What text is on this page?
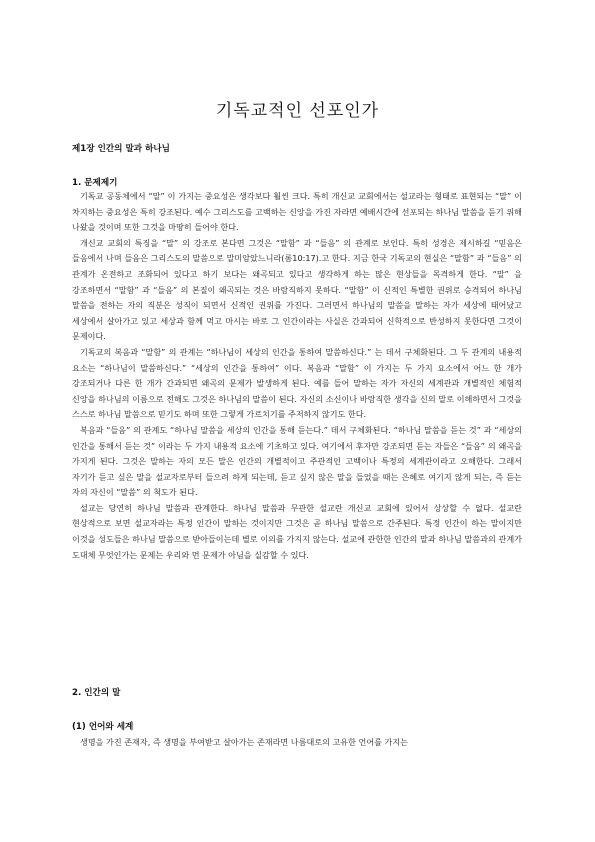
기독교적인 선포인가
제1장 인간의 말과 하나님
1. 문제제기

기독교 공동체에서 “말” 이 가지는 중요성은 생각보다 훨씬 크다. 특히 개신교 교회에서는 설교라는 형태로 표현되는 “말” 이 차지하는 중요성은 특히 강조된다. 예수 그리스도를 고백하는 신앙을 가진 자라면 예배시간에 선포되는 하나님 말씀을 듣기 위해 나왔을 것이며 또한 그것을 마땅히 들어야 한다.

개신교 교회의 특징을 “말” 의 강조로 본다면 그것은 “말함” 과 “들음” 의 관계로 보인다. 특히 성경은 제시하길 “믿음은 들음에서 나며 들음은 그리스도의 말씀으로 말미암았느니라(롬10:17).고 한다. 지금 한국 기독교의 현실은 “말함” 과 “들음” 의 관계가 온전하고 조화되어 있다고 하기 보다는 왜곡되고 있다고 생각하게 하는 많은 현상들을 목격하게 한다. “말” 을 강조하면서 “말함” 과 “들음” 의 본질이 왜곡되는 것은 바람직하지 못하다. “말함” 이 신적인 특별한 권위로 승격되어 하나님 말씀을 전하는 자의 직분은 성직이 되면서 신적인 권위를 가진다. 그러면서 하나님의 말씀을 말하는 자가 세상에 태어났고 세상에서 살아가고 있고 세상과 함께 먹고 마시는 바로 그 인간이라는 사실은 간과되어 신학적으로 반성하지 못한다면 그것이 문제이다.

기독교의 복음과 “말함” 의 관계는 “하나님이 세상의 인간을 통하여 말씀하신다.” 는 데서 구체화된다. 그 두 관계의 내용적 요소는 “하나님이 말씀하신다.” “세상의 인간을 통하여” 이다. 복음과 “말함” 이 가지는 두 가지 요소에서 어느 한 개가 강조되거나 다른 한 개가 간과되면 왜곡의 문제가 발생하게 된다. 예를 들어 말하는 자가 자신의 세계관과 개별적인 체험적 신앙을 하나님의 이름으로 전해도 그것은 하나님의 말씀이 된다. 자신의 소신이나 바람직한 생각을 신의 말로 이해하면서 그것을 스스로 하나님 말씀으로 믿기도 하며 또한 그렇게 가르치기를 주저하지 않기도 한다.

복음과 “들음” 의 관계도 “하나님 말씀을 세상의 인간을 통해 듣는다.” 데서 구체화된다. “하나님 말씀을 듣는 것” 과 “세상의 인간을 통해서 듣는 것” 이라는 두 가지 내용적 요소에 기초하고 있다. 여기에서 후자만 강조되면 듣는 자들은 “들음” 의 왜곡을 가지게 된다. 그것은 말하는 자의 모든 말은 인간의 개별적이고 주관적인 고백이나 특정의 세계관이라고 오해한다. 그래서 자기가 듣고 싶은 말을 설교자로부터 들으려 하게 되는데, 듣고 싶지 않은 말을 들었을 때는 은혜로 여기지 않게 되는, 즉 듣는 자의 자신이 “말씀” 의 척도가 된다.

설교는 당연히 하나님 말씀과 관계한다. 하나님 말씀과 무관한 설교란 개신교 교회에 있어서 상상할 수 없다. 설교란 현상적으로 보면 설교자라는 특정 인간이 말하는 것이지만 그것은 곧 하나님 말씀으로 간주된다. 특정 인간이 하는 말이지만 이것을 성도들은 하나님 말씀으로 받아들이는데 별로 이의를 가지지 않는다. 설교에 관한한 인간의 말과 하나님 말씀과의 관계가 도대체 무엇인가는 문제는 우리와 먼 문제가 아님을 실감할 수 있다.

2. 인간의 말
(1) 언어와 세계

생명을 가진 존재자, 즉 생명을 부여받고 살아가는 존재라면 나름대로의 고유한 언어를 가지는
